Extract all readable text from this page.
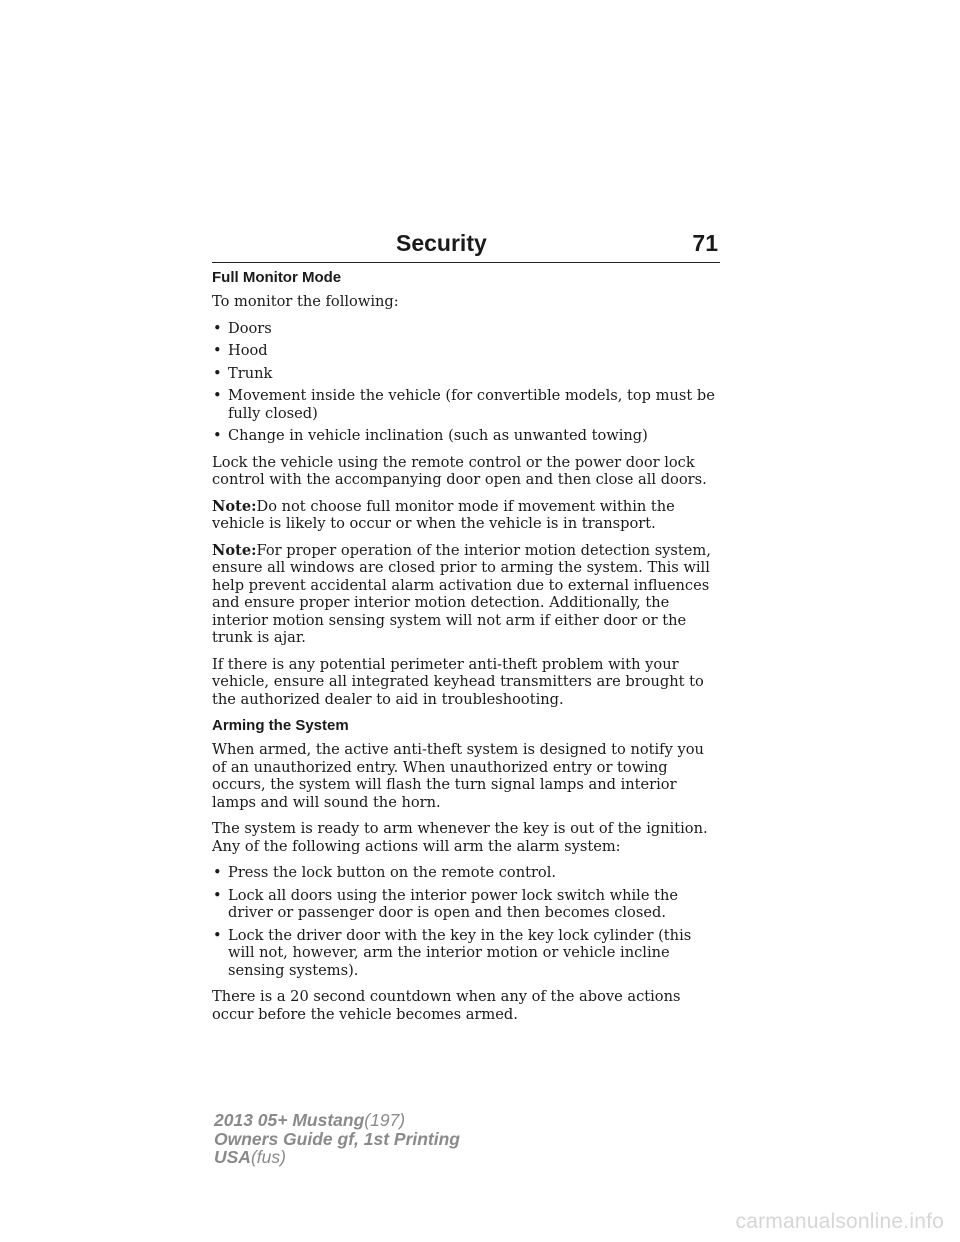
Security	71
Full Monitor Mode

To monitor the following:

• Doors
• Hood
• Trunk
• Movement inside the vehicle (for convertible models, top must be fully closed)
• Change in vehicle inclination (such as unwanted towing)

Lock the vehicle using the remote control or the power door lock control with the accompanying door open and then close all doors.

Note:Do not choose full monitor mode if movement within the vehicle is likely to occur or when the vehicle is in transport.

Note:For proper operation of the interior motion detection system, ensure all windows are closed prior to arming the system. This will help prevent accidental alarm activation due to external influences and ensure proper interior motion detection. Additionally, the interior motion sensing system will not arm if either door or the trunk is ajar.

If there is any potential perimeter anti-theft problem with your vehicle, ensure all integrated keyhead transmitters are brought to the authorized dealer to aid in troubleshooting.

Arming the System

When armed, the active anti-theft system is designed to notify you of an unauthorized entry. When unauthorized entry or towing occurs, the system will flash the turn signal lamps and interior lamps and will sound the horn.

The system is ready to arm whenever the key is out of the ignition. Any of the following actions will arm the alarm system:

• Press the lock button on the remote control.
• Lock all doors using the interior power lock switch while the driver or passenger door is open and then becomes closed.
• Lock the driver door with the key in the key lock cylinder (this will not, however, arm the interior motion or vehicle incline sensing systems).

There is a 20 second countdown when any of the above actions occur before the vehicle becomes armed.

2013 05+ Mustang(197)
Owners Guide gf, 1st Printing
USA(fus)
carmanualsonline.info
